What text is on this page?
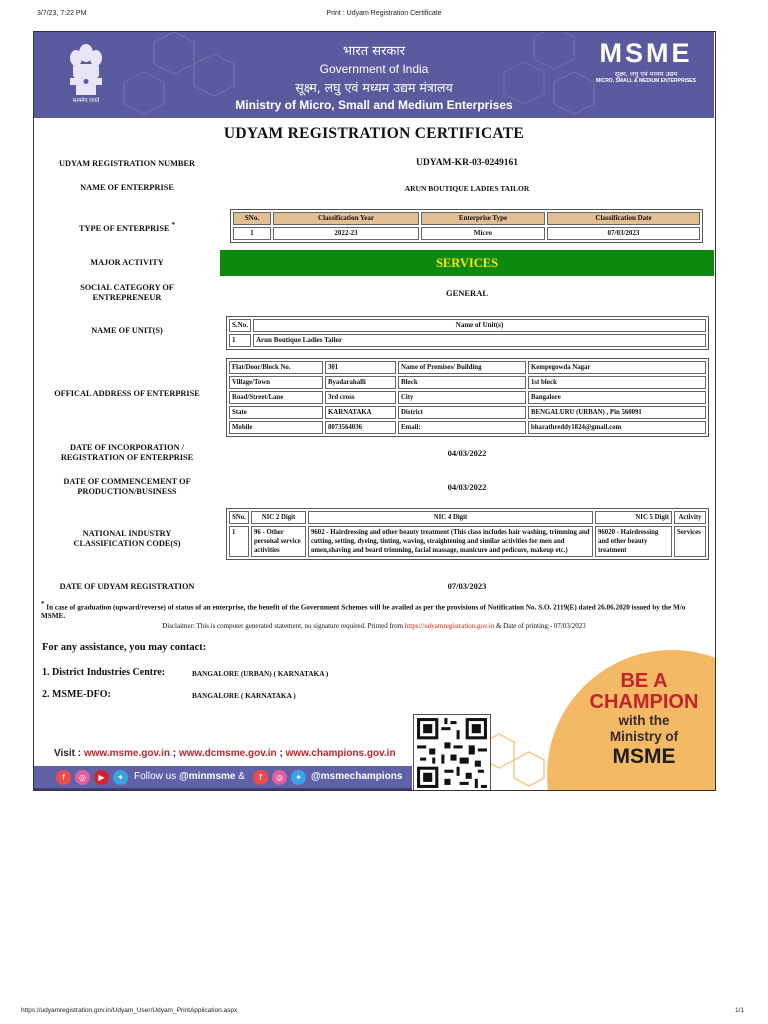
3/7/23, 7:22 PM	Print : Udyam Registration Certificate
सत्यमेव जयते
भारत सरकार
Government of India
सूक्ष्म, लघु एवं मध्यम उद्यम मंत्रालय
Ministry of Micro, Small and Medium Enterprises
MSME
सूक्ष्म, लघु एवं मध्यम उद्यम
MICRO, SMALL & MEDIUM ENTERPRISES
UDYAM REGISTRATION CERTIFICATE
UDYAM REGISTRATION NUMBER	UDYAM-KR-03-0249161
NAME OF ENTERPRISE	ARUN BOUTIQUE LADIES TAILOR
TYPE OF ENTERPRISE *
SNo.	Classification Year	Enterprise Type	Classification Date
1	2022-23	Micro	07/03/2023
MAJOR ACTIVITY	SERVICES
SOCIAL CATEGORY OF
ENTREPRENEUR	GENERAL
NAME OF UNIT(S)
S.No.	Name of Unit(s)
1	Arun Boutique Ladies Tailor
OFFICAL ADDRESS OF ENTERPRISE
Flat/Door/Block No.	301	Name of Premises/ Building	Kempegowda Nagar
Village/Town	Byadarahalli	Block	1st block
Road/Street/Lane	3rd cross	City	Bangalore
State	KARNATAKA	District	BENGALURU (URBAN) , Pin 560091
Mobile	8073564036	Email:	bharathreddy1824@gmail.com
DATE OF INCORPORATION /
REGISTRATION OF ENTERPRISE	04/03/2022
DATE OF COMMENCEMENT OF
PRODUCTION/BUSINESS	04/03/2022
NATIONAL INDUSTRY
CLASSIFICATION CODE(S)
SNo.	NIC 2 Digit	NIC 4 Digit	NIC 5 Digit	Activity
1	96 - Other personal service activities	9602 - Hairdressing and other beauty treatment (This class includes hair washing, trimming and cutting, setting, dyeing, tinting, waving, straightening and similar activities for men and omen,shaving and beard trimming, facial massage, manicure and pedicure, makeup etc.)	96020 - Hairdressing and other beauty treatment	Services
DATE OF UDYAM REGISTRATION	07/03/2023
* In case of graduation (upward/reverse) of status of an enterprise, the benefit of the Government Schemes will be availed as per the provisions of Notification No. S.O. 2119(E) dated 26.06.2020 issued by the M/o MSME.
Disclaimer: This is computer generated statement, no signature required. Printed from https://udyamregistration.gov.in & Date of printing:- 07/03/2023
For any assistance, you may contact:
1. District Industries Centre:	BANGALORE (URBAN) ( KARNATAKA )
2. MSME-DFO:	BANGALORE ( KARNATAKA )
BE A
CHAMPION
with the
Ministry of
MSME
Visit : www.msme.gov.in ; www.dcmsme.gov.in ; www.champions.gov.in
f	◎	▶	✦	Follow us @minmsme &	f	◎	✦ @msmechampions
https://udyamregistration.gov.in/Udyam_User/Udyam_PrintApplication.aspx	1/1
